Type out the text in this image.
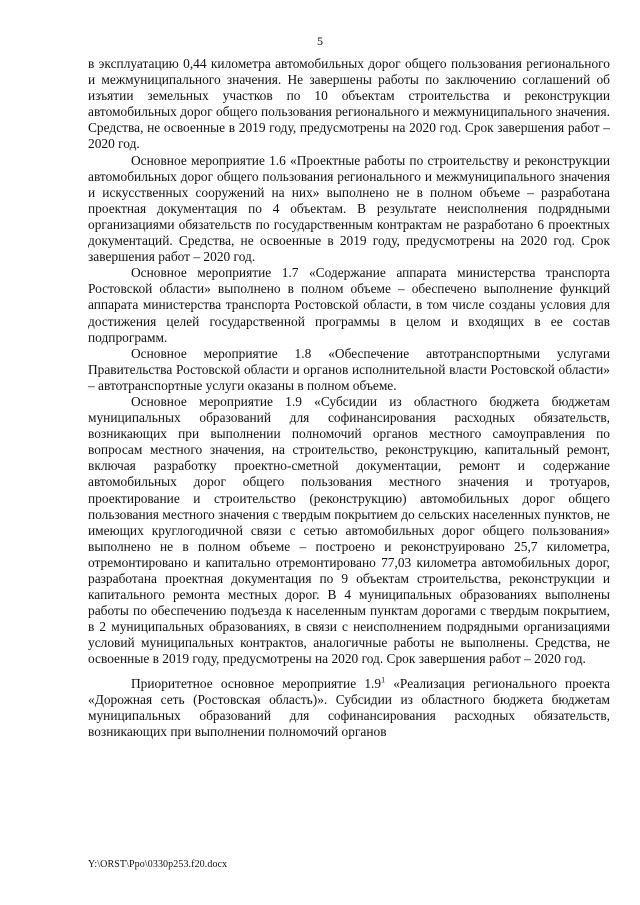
5

в эксплуатацию 0,44 километра автомобильных дорог общего пользования регионального и межмуниципального значения. Не завершены работы по заключению соглашений об изъятии земельных участков по 10 объектам строительства и реконструкции автомобильных дорог общего пользования регионального и межмуниципального значения. Средства, не освоенные в 2019 году, предусмотрены на 2020 год. Срок завершения работ – 2020 год.

Основное мероприятие 1.6 «Проектные работы по строительству и реконструкции автомобильных дорог общего пользования регионального и межмуниципального значения и искусственных сооружений на них» выполнено не в полном объеме – разработана проектная документация по 4 объектам. В результате неисполнения подрядными организациями обязательств по государственным контрактам не разработано 6 проектных документаций. Средства, не освоенные в 2019 году, предусмотрены на 2020 год. Срок завершения работ – 2020 год.

Основное мероприятие 1.7 «Содержание аппарата министерства транспорта Ростовской области» выполнено в полном объеме – обеспечено выполнение функций аппарата министерства транспорта Ростовской области, в том числе созданы условия для достижения целей государственной программы в целом и входящих в ее состав подпрограмм.

Основное мероприятие 1.8 «Обеспечение автотранспортными услугами Правительства Ростовской области и органов исполнительной власти Ростовской области» – автотранспортные услуги оказаны в полном объеме.

Основное мероприятие 1.9 «Субсидии из областного бюджета бюджетам муниципальных образований для софинансирования расходных обязательств, возникающих при выполнении полномочий органов местного самоуправления по вопросам местного значения, на строительство, реконструкцию, капитальный ремонт, включая разработку проектно-сметной документации, ремонт и содержание автомобильных дорог общего пользования местного значения и тротуаров, проектирование и строительство (реконструкцию) автомобильных дорог общего пользования местного значения с твердым покрытием до сельских населенных пунктов, не имеющих круглогодичной связи с сетью автомобильных дорог общего пользования» выполнено не в полном объеме – построено и реконструировано 25,7 километра, отремонтировано и капитально отремонтировано 77,03 километра автомобильных дорог, разработана проектная документация по 9 объектам строительства, реконструкции и капитального ремонта местных дорог. В 4 муниципальных образованиях выполнены работы по обеспечению подъезда к населенным пунктам дорогами с твердым покрытием, в 2 муниципальных образованиях, в связи с неисполнением подрядными организациями условий муниципальных контрактов, аналогичные работы не выполнены. Средства, не освоенные в 2019 году, предусмотрены на 2020 год. Срок завершения работ – 2020 год.

Приоритетное основное мероприятие $1.9^1$ «Реализация регионального проекта «Дорожная сеть (Ростовская область)». Субсидии из областного бюджета бюджетам муниципальных образований для софинансирования расходных обязательств, возникающих при выполнении полномочий органов

Y:\ORST\Ppo\0330p253.f20.docx
